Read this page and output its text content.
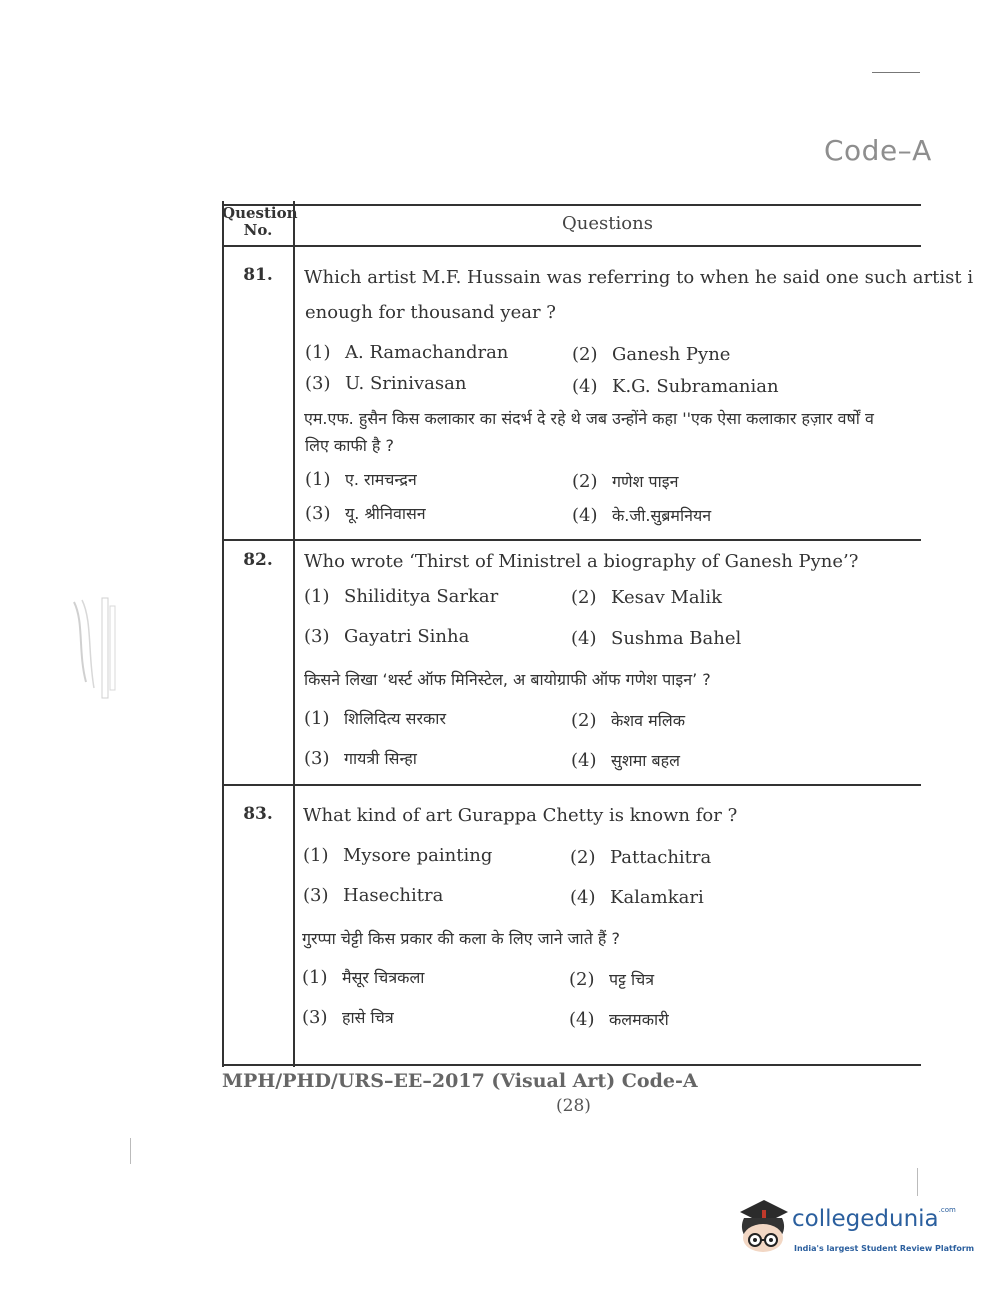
Code–A
Question No.	Questions
81.	Which artist M.F. Hussain was referring to when he said one such artist i
enough for thousand year ?
(1) A. Ramachandran	(2) Ganesh Pyne
(3) U. Srinivasan	(4) K.G. Subramanian
एम.एफ. हुसैन किस कलाकार का संदर्भ दे रहे थे जब उन्होंने कहा ''एक ऐसा कलाकार हज़ार वर्षों व
लिए काफी है ?
(1) ए. रामचन्द्रन	(2) गणेश पाइन
(3) यू. श्रीनिवासन	(4) के.जी.सुब्रमनियन
82.	Who wrote ‘Thirst of Ministrel a biography of Ganesh Pyne’?
(1) Shiliditya Sarkar	(2) Kesav Malik
(3) Gayatri Sinha	(4) Sushma Bahel
किसने लिखा ‘थर्स्ट ऑफ मिनिस्टेल, अ बायोग्राफी ऑफ गणेश पाइन’ ?
(1) शिलिदित्य सरकार	(2) केशव मलिक
(3) गायत्री सिन्हा	(4) सुशमा बहल
83.	What kind of art Gurappa Chetty is known for ?
(1) Mysore painting	(2) Pattachitra
(3) Hasechitra	(4) Kalamkari
गुरप्पा चेट्टी किस प्रकार की कला के लिए जाने जाते हैं ?
(1) मैसूर चित्रकला	(2) पट्ट चित्र
(3) हासे चित्र	(4) कलमकारी
MPH/PHD/URS–EE–2017 (Visual Art) Code-A
(28)
collegedunia$^{.com}$
India's largest Student Review Platform
